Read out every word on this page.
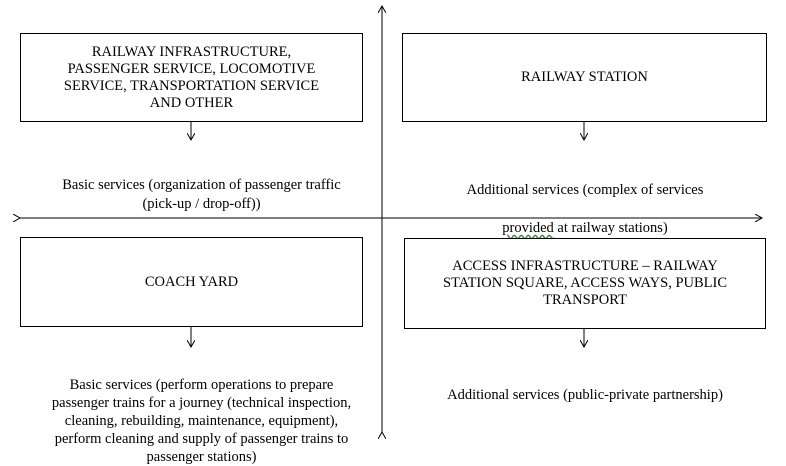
RAILWAY INFRASTRUCTURE,
PASSENGER SERVICE, LOCOMOTIVE
SERVICE, TRANSPORTATION SERVICE
AND OTHER

Basic services (organization of passenger traffic
(pick-up / drop-off))

RAILWAY STATION

Additional services (complex of services

provided at railway stations)

COACH YARD

Basic services (perform operations to prepare
passenger trains for a journey (technical inspection,
cleaning, rebuilding, maintenance, equipment),
perform cleaning and supply of passenger trains to
passenger stations)

ACCESS INFRASTRUCTURE – RAILWAY
STATION SQUARE, ACCESS WAYS, PUBLIC
TRANSPORT

Additional services (public-private partnership)
